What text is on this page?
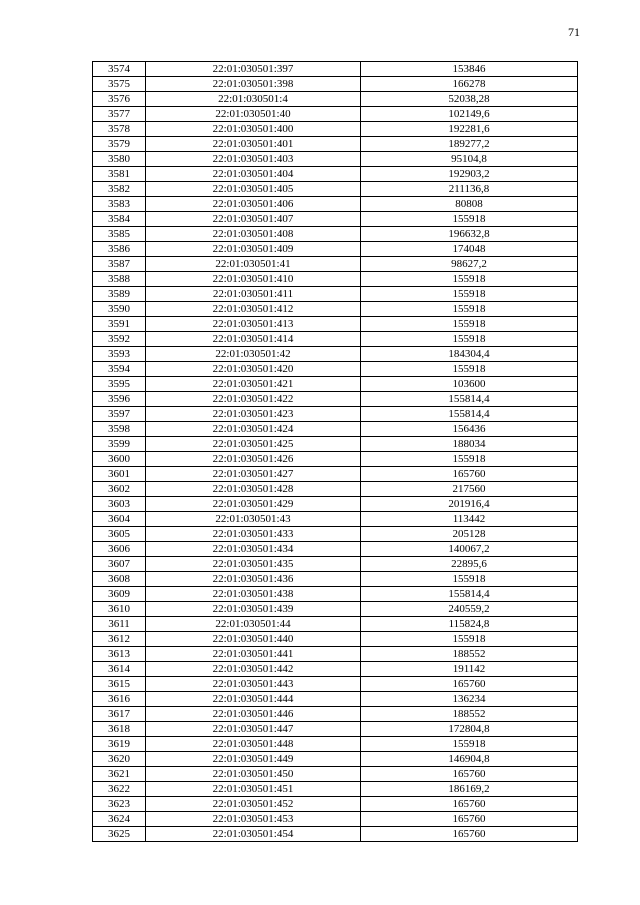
71
3574	22:01:030501:397	153846
3575	22:01:030501:398	166278
3576	22:01:030501:4	52038,28
3577	22:01:030501:40	102149,6
3578	22:01:030501:400	192281,6
3579	22:01:030501:401	189277,2
3580	22:01:030501:403	95104,8
3581	22:01:030501:404	192903,2
3582	22:01:030501:405	211136,8
3583	22:01:030501:406	80808
3584	22:01:030501:407	155918
3585	22:01:030501:408	196632,8
3586	22:01:030501:409	174048
3587	22:01:030501:41	98627,2
3588	22:01:030501:410	155918
3589	22:01:030501:411	155918
3590	22:01:030501:412	155918
3591	22:01:030501:413	155918
3592	22:01:030501:414	155918
3593	22:01:030501:42	184304,4
3594	22:01:030501:420	155918
3595	22:01:030501:421	103600
3596	22:01:030501:422	155814,4
3597	22:01:030501:423	155814,4
3598	22:01:030501:424	156436
3599	22:01:030501:425	188034
3600	22:01:030501:426	155918
3601	22:01:030501:427	165760
3602	22:01:030501:428	217560
3603	22:01:030501:429	201916,4
3604	22:01:030501:43	113442
3605	22:01:030501:433	205128
3606	22:01:030501:434	140067,2
3607	22:01:030501:435	22895,6
3608	22:01:030501:436	155918
3609	22:01:030501:438	155814,4
3610	22:01:030501:439	240559,2
3611	22:01:030501:44	115824,8
3612	22:01:030501:440	155918
3613	22:01:030501:441	188552
3614	22:01:030501:442	191142
3615	22:01:030501:443	165760
3616	22:01:030501:444	136234
3617	22:01:030501:446	188552
3618	22:01:030501:447	172804,8
3619	22:01:030501:448	155918
3620	22:01:030501:449	146904,8
3621	22:01:030501:450	165760
3622	22:01:030501:451	186169,2
3623	22:01:030501:452	165760
3624	22:01:030501:453	165760
3625	22:01:030501:454	165760
